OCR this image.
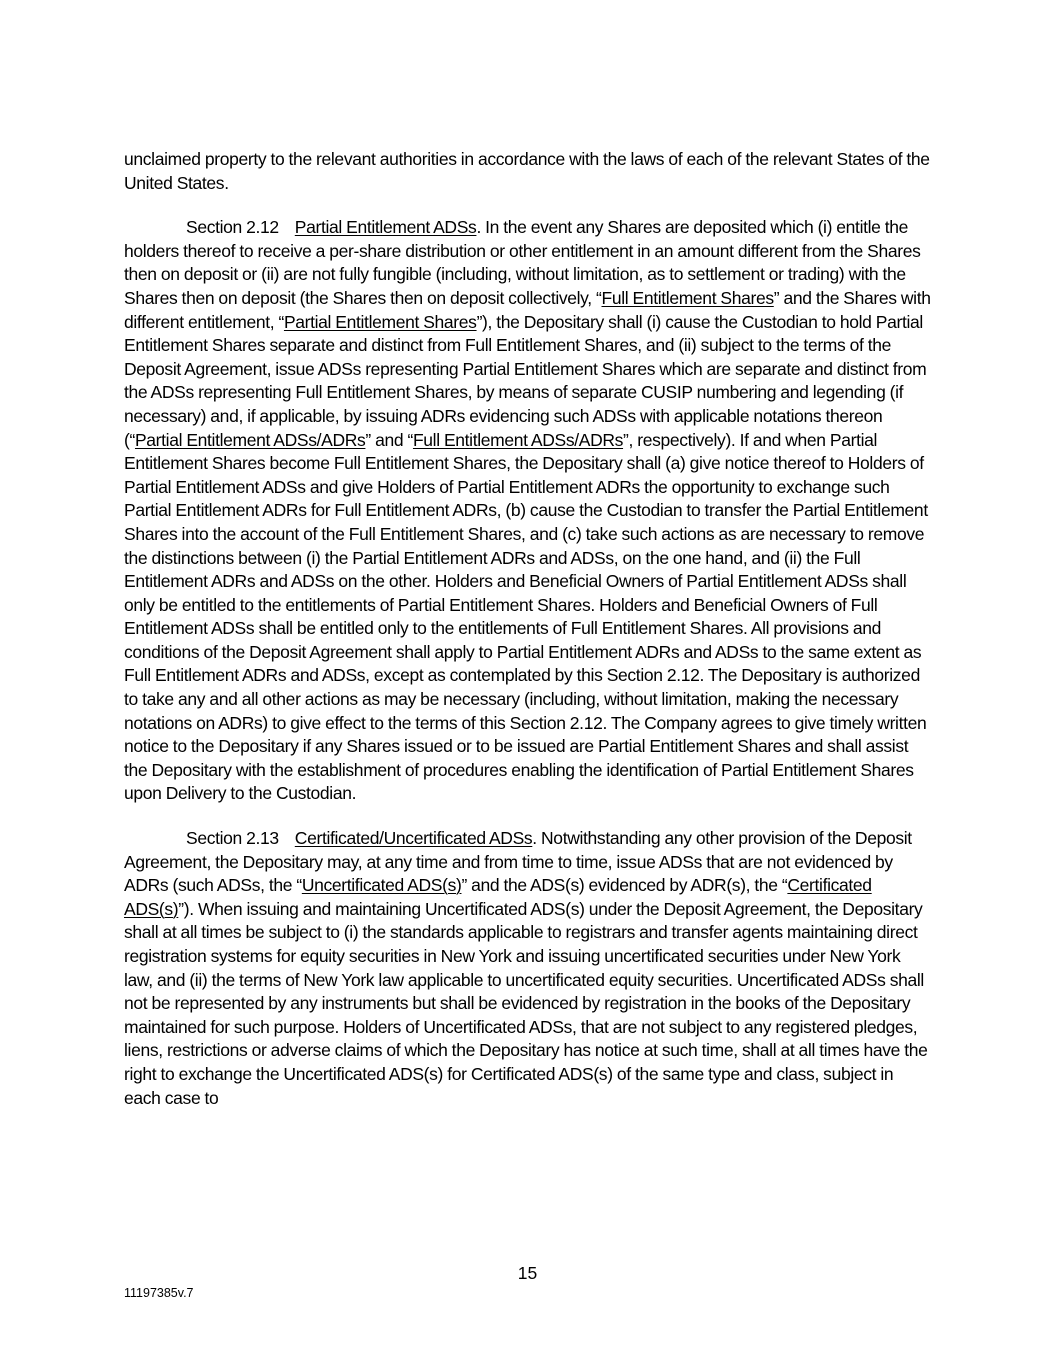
unclaimed property to the relevant authorities in accordance with the laws of each of the relevant States of the United States.

Section 2.12 Partial Entitlement ADSs. In the event any Shares are deposited which (i) entitle the holders thereof to receive a per-share distribution or other entitlement in an amount different from the Shares then on deposit or (ii) are not fully fungible (including, without limitation, as to settlement or trading) with the Shares then on deposit (the Shares then on deposit collectively, “Full Entitlement Shares” and the Shares with different entitlement, “Partial Entitlement Shares”), the Depositary shall (i) cause the Custodian to hold Partial Entitlement Shares separate and distinct from Full Entitlement Shares, and (ii) subject to the terms of the Deposit Agreement, issue ADSs representing Partial Entitlement Shares which are separate and distinct from the ADSs representing Full Entitlement Shares, by means of separate CUSIP numbering and legending (if necessary) and, if applicable, by issuing ADRs evidencing such ADSs with applicable notations thereon (“Partial Entitlement ADSs/ADRs” and “Full Entitlement ADSs/ADRs”, respectively). If and when Partial Entitlement Shares become Full Entitlement Shares, the Depositary shall (a) give notice thereof to Holders of Partial Entitlement ADSs and give Holders of Partial Entitlement ADRs the opportunity to exchange such Partial Entitlement ADRs for Full Entitlement ADRs, (b) cause the Custodian to transfer the Partial Entitlement Shares into the account of the Full Entitlement Shares, and (c) take such actions as are necessary to remove the distinctions between (i) the Partial Entitlement ADRs and ADSs, on the one hand, and (ii) the Full Entitlement ADRs and ADSs on the other. Holders and Beneficial Owners of Partial Entitlement ADSs shall only be entitled to the entitlements of Partial Entitlement Shares. Holders and Beneficial Owners of Full Entitlement ADSs shall be entitled only to the entitlements of Full Entitlement Shares. All provisions and conditions of the Deposit Agreement shall apply to Partial Entitlement ADRs and ADSs to the same extent as Full Entitlement ADRs and ADSs, except as contemplated by this Section 2.12. The Depositary is authorized to take any and all other actions as may be necessary (including, without limitation, making the necessary notations on ADRs) to give effect to the terms of this Section 2.12. The Company agrees to give timely written notice to the Depositary if any Shares issued or to be issued are Partial Entitlement Shares and shall assist the Depositary with the establishment of procedures enabling the identification of Partial Entitlement Shares upon Delivery to the Custodian.

Section 2.13 Certificated/Uncertificated ADSs. Notwithstanding any other provision of the Deposit Agreement, the Depositary may, at any time and from time to time, issue ADSs that are not evidenced by ADRs (such ADSs, the “Uncertificated ADS(s)” and the ADS(s) evidenced by ADR(s), the “Certificated ADS(s)”). When issuing and maintaining Uncertificated ADS(s) under the Deposit Agreement, the Depositary shall at all times be subject to (i) the standards applicable to registrars and transfer agents maintaining direct registration systems for equity securities in New York and issuing uncertificated securities under New York law, and (ii) the terms of New York law applicable to uncertificated equity securities. Uncertificated ADSs shall not be represented by any instruments but shall be evidenced by registration in the books of the Depositary maintained for such purpose. Holders of Uncertificated ADSs, that are not subject to any registered pledges, liens, restrictions or adverse claims of which the Depositary has notice at such time, shall at all times have the right to exchange the Uncertificated ADS(s) for Certificated ADS(s) of the same type and class, subject in each case to

15
11197385v.7
